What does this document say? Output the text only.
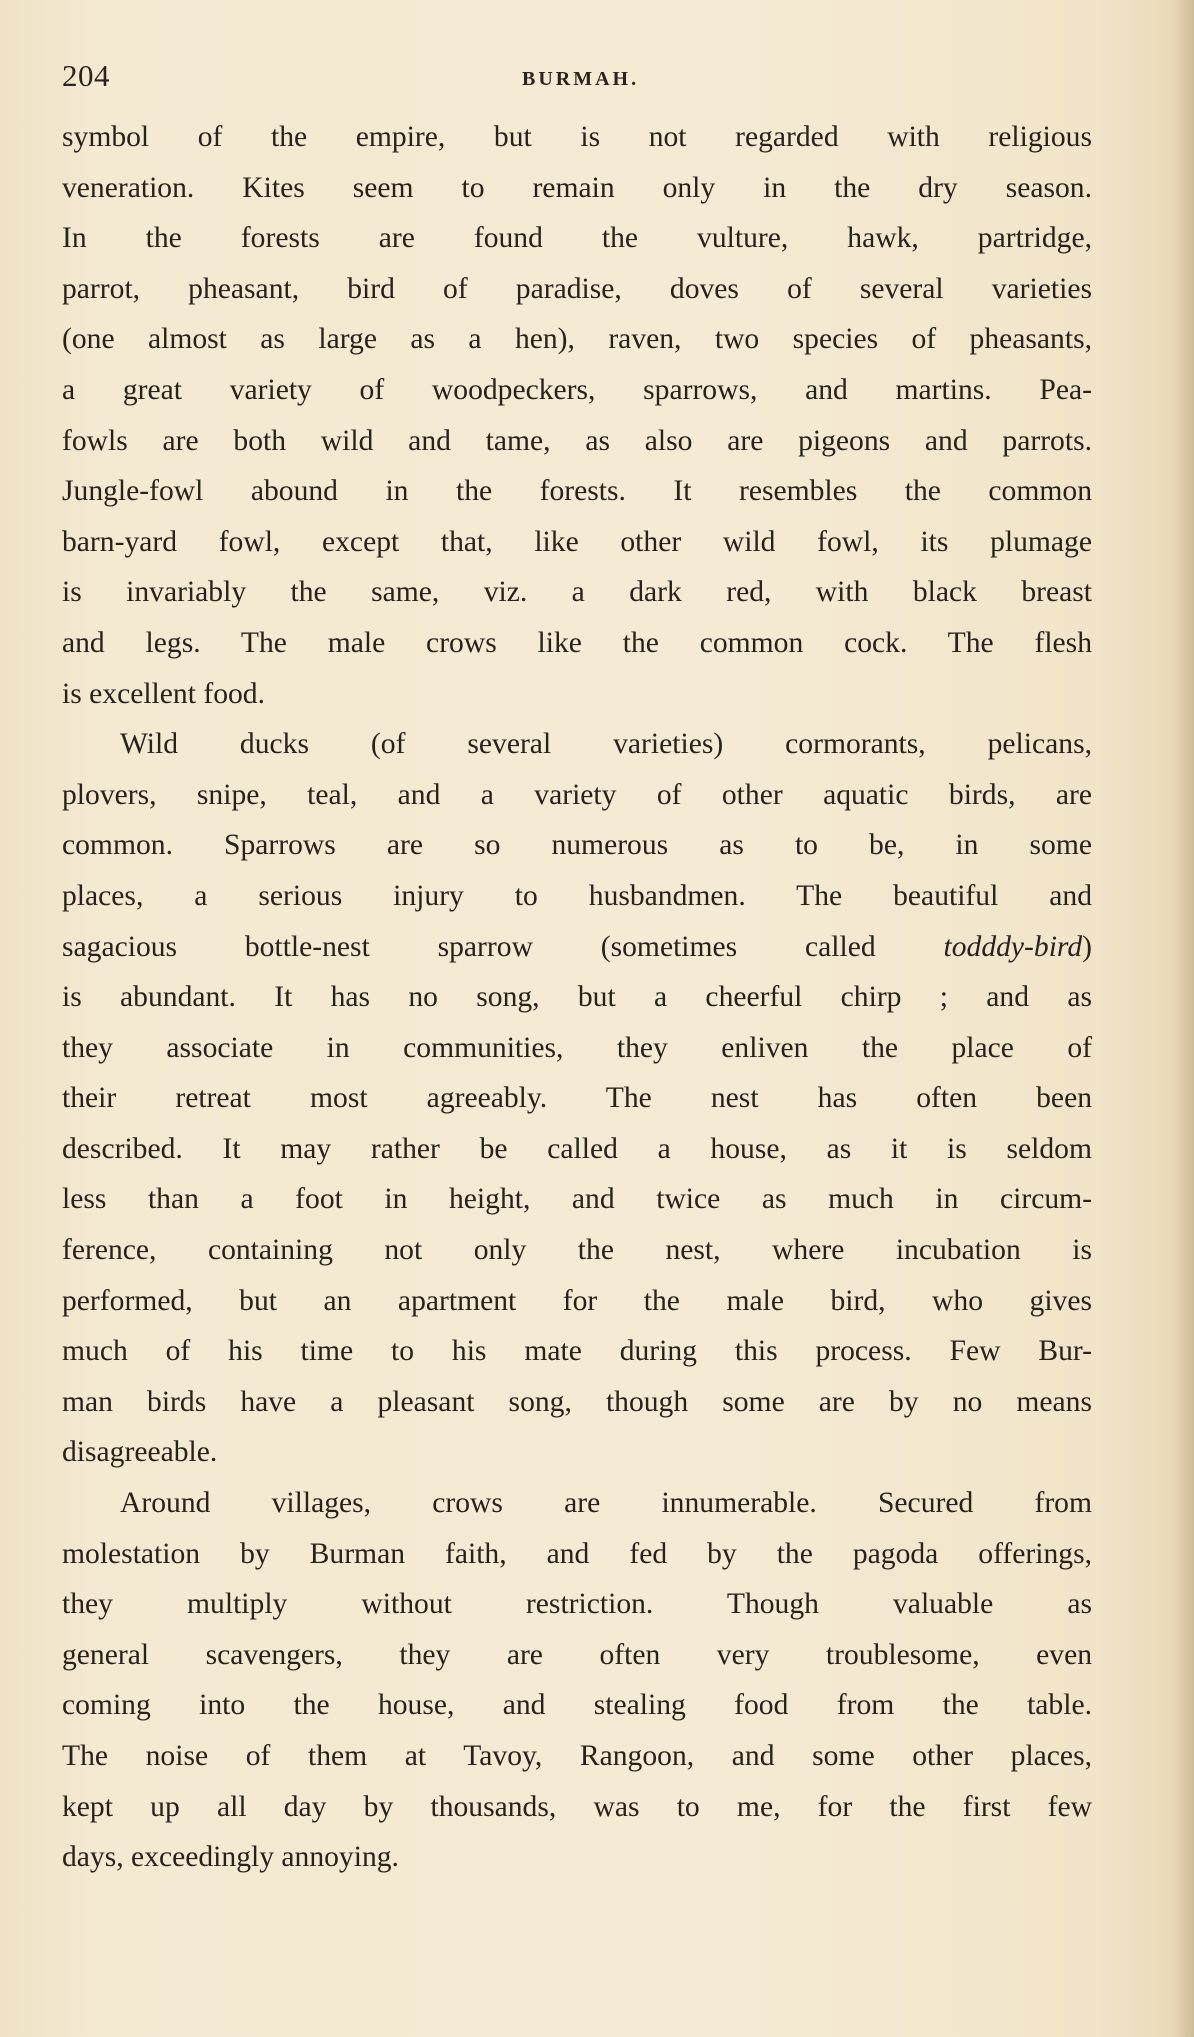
204	BURMAH.
symbol of the empire, but is not regarded with religious
veneration. Kites seem to remain only in the dry season.
In the forests are found the vulture, hawk, partridge,
parrot, pheasant, bird of paradise, doves of several varieties
(one almost as large as a hen), raven, two species of pheasants,
a great variety of woodpeckers, sparrows, and martins. Pea-
fowls are both wild and tame, as also are pigeons and parrots.
Jungle-fowl abound in the forests. It resembles the common
barn-yard fowl, except that, like other wild fowl, its plumage
is invariably the same, viz. a dark red, with black breast
and legs. The male crows like the common cock. The flesh
is excellent food.
Wild ducks (of several varieties) cormorants, pelicans,
plovers, snipe, teal, and a variety of other aquatic birds, are
common. Sparrows are so numerous as to be, in some
places, a serious injury to husbandmen. The beautiful and
sagacious bottle-nest sparrow (sometimes called todddy-bird)
is abundant. It has no song, but a cheerful chirp ; and as
they associate in communities, they enliven the place of
their retreat most agreeably. The nest has often been
described. It may rather be called a house, as it is seldom
less than a foot in height, and twice as much in circum-
ference, containing not only the nest, where incubation is
performed, but an apartment for the male bird, who gives
much of his time to his mate during this process. Few Bur-
man birds have a pleasant song, though some are by no means
disagreeable.
Around villages, crows are innumerable. Secured from
molestation by Burman faith, and fed by the pagoda offerings,
they multiply without restriction. Though valuable as
general scavengers, they are often very troublesome, even
coming into the house, and stealing food from the table.
The noise of them at Tavoy, Rangoon, and some other places,
kept up all day by thousands, was to me, for the first few
days, exceedingly annoying.
